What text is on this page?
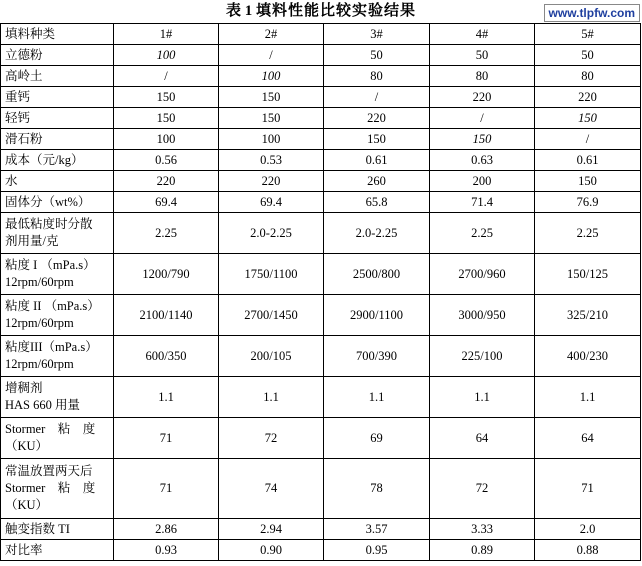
表 1 填料性能比较实验结果	www.tlpfw.com
填料种类	1#	2#	3#	4#	5#

立德粉	100	/	50	50	50

高岭土	/	100	80	80	80

重钙	150	150	/	220	220

轻钙	150	150	220	/	150

滑石粉	100	100	150	150	/

成本（元/kg）	0.56	0.53	0.61	0.63	0.61

水	220	220	260	200	150

固体分（wt%）	69.4	69.4	65.8	71.4	76.9

最低粘度时分散
剂用量/克	2.25	2.0-2.25	2.0-2.25	2.25	2.25

粘度 I （mPa.s）
12rpm/60rpm	1200/790	1750/1100	2500/800	2700/960	150/125

粘度 II （mPa.s）
12rpm/60rpm	2100/1140	2700/1450	2900/1100	3000/950	325/210

粘度III（mPa.s）
12rpm/60rpm	600/350	200/105	700/390	225/100	400/230

增稠剂
HAS 660 用量	1.1	1.1	1.1	1.1	1.1

Stormer　粘　度
（KU）	71	72	69	64	64

常温放置两天后
Stormer　粘　度
（KU）	71	74	78	72	71

触变指数 TI	2.86	2.94	3.57	3.33	2.0

对比率	0.93	0.90	0.95	0.89	0.88
